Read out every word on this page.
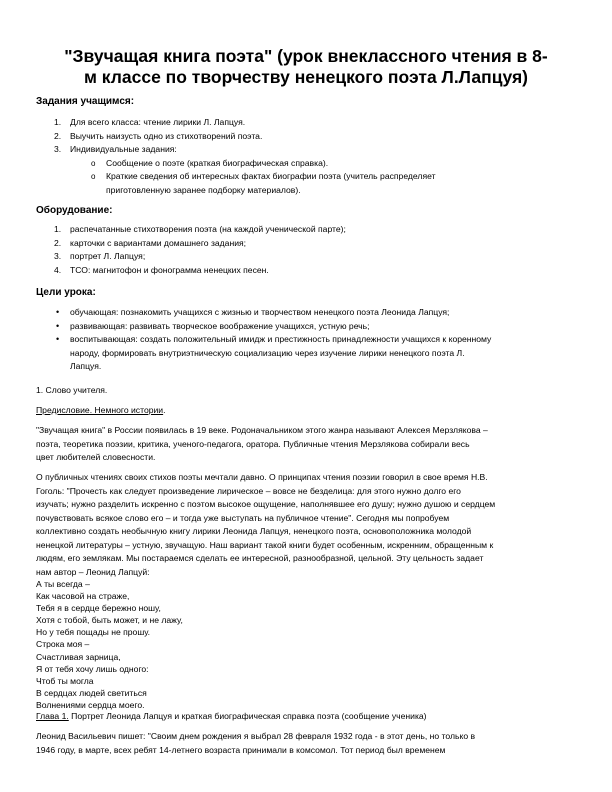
"Звучащая книга поэта" (урок внеклассного чтения в 8-
м классе по творчеству ненецкого поэта Л.Лапцуя)

Задания учащимся:

1. Для всего класса: чтение лирики Л. Лапцуя.
2. Выучить наизусть одно из стихотворений поэта.
3. Индивидуальные задания:
o Сообщение о поэте (краткая биографическая справка).
o Краткие сведения об интересных фактах биографии поэта (учитель распределяет
приготовленную заранее подборку материалов).

Оборудование:

1. распечатанные стихотворения поэта (на каждой ученической парте);
2. карточки с вариантами домашнего задания;
3. портрет Л. Лапцуя;
4. ТСО: магнитофон и фонограмма ненецких песен.

Цели урока:

• обучающая: познакомить учащихся с жизнью и творчеством ненецкого поэта Леонида Лапцуя;
• развивающая: развивать творческое воображение учащихся, устную речь;
• воспитывающая: создать положительный имидж и престижность принадлежности учащихся к коренному
народу, формировать внутриэтническую социализацию через изучение лирики ненецкого поэта Л.
Лапцуя.

1. Слово учителя.

Предисловие. Немного истории.

"Звучащая книга" в России появилась в 19 веке. Родоначальником этого жанра называют Алексея Мерзлякова –
поэта, теоретика поэзии, критика, ученого-педагога, оратора. Публичные чтения Мерзлякова собирали весь
цвет любителей словесности.

О публичных чтениях своих стихов поэты мечтали давно. О принципах чтения поэзии говорил в свое время Н.В.
Гоголь: "Прочесть как следует произведение лирическое – вовсе не безделица: для этого нужно долго его
изучать; нужно разделить искренно с поэтом высокое ощущение, наполнявшее его душу; нужно душою и сердцем
почувствовать всякое слово его – и тогда уже выступать на публичное чтение". Сегодня мы попробуем
коллективно создать необычную книгу лирики Леонида Лапцуя, ненецкого поэта, основоположника молодой
ненецкой литературы – устную, звучащую. Наш вариант такой книги будет особенным, искренним, обращенным к
людям, его землякам. Мы постараемся сделать ее интересной, разнообразной, цельной. Эту цельность задает
нам автор – Леонид Лапцуй:

А ты всегда –
Как часовой на страже,
Тебя я в сердце бережно ношу,
Хотя с тобой, быть может, и не лажу,
Но у тебя пощады не прошу.
Строка моя –
Счастливая зарница,
Я от тебя хочу лишь одного:
Чтоб ты могла
В сердцах людей светиться
Волнениями сердца моего.

Глава 1. Портрет Леонида Лапцуя и краткая биографическая справка поэта (сообщение ученика)

Леонид Васильевич пишет: "Своим днем рождения я выбрал 28 февраля 1932 года - в этот день, но только в
1946 году, в марте, всех ребят 14-летнего возраста принимали в комсомол. Тот период был временем
